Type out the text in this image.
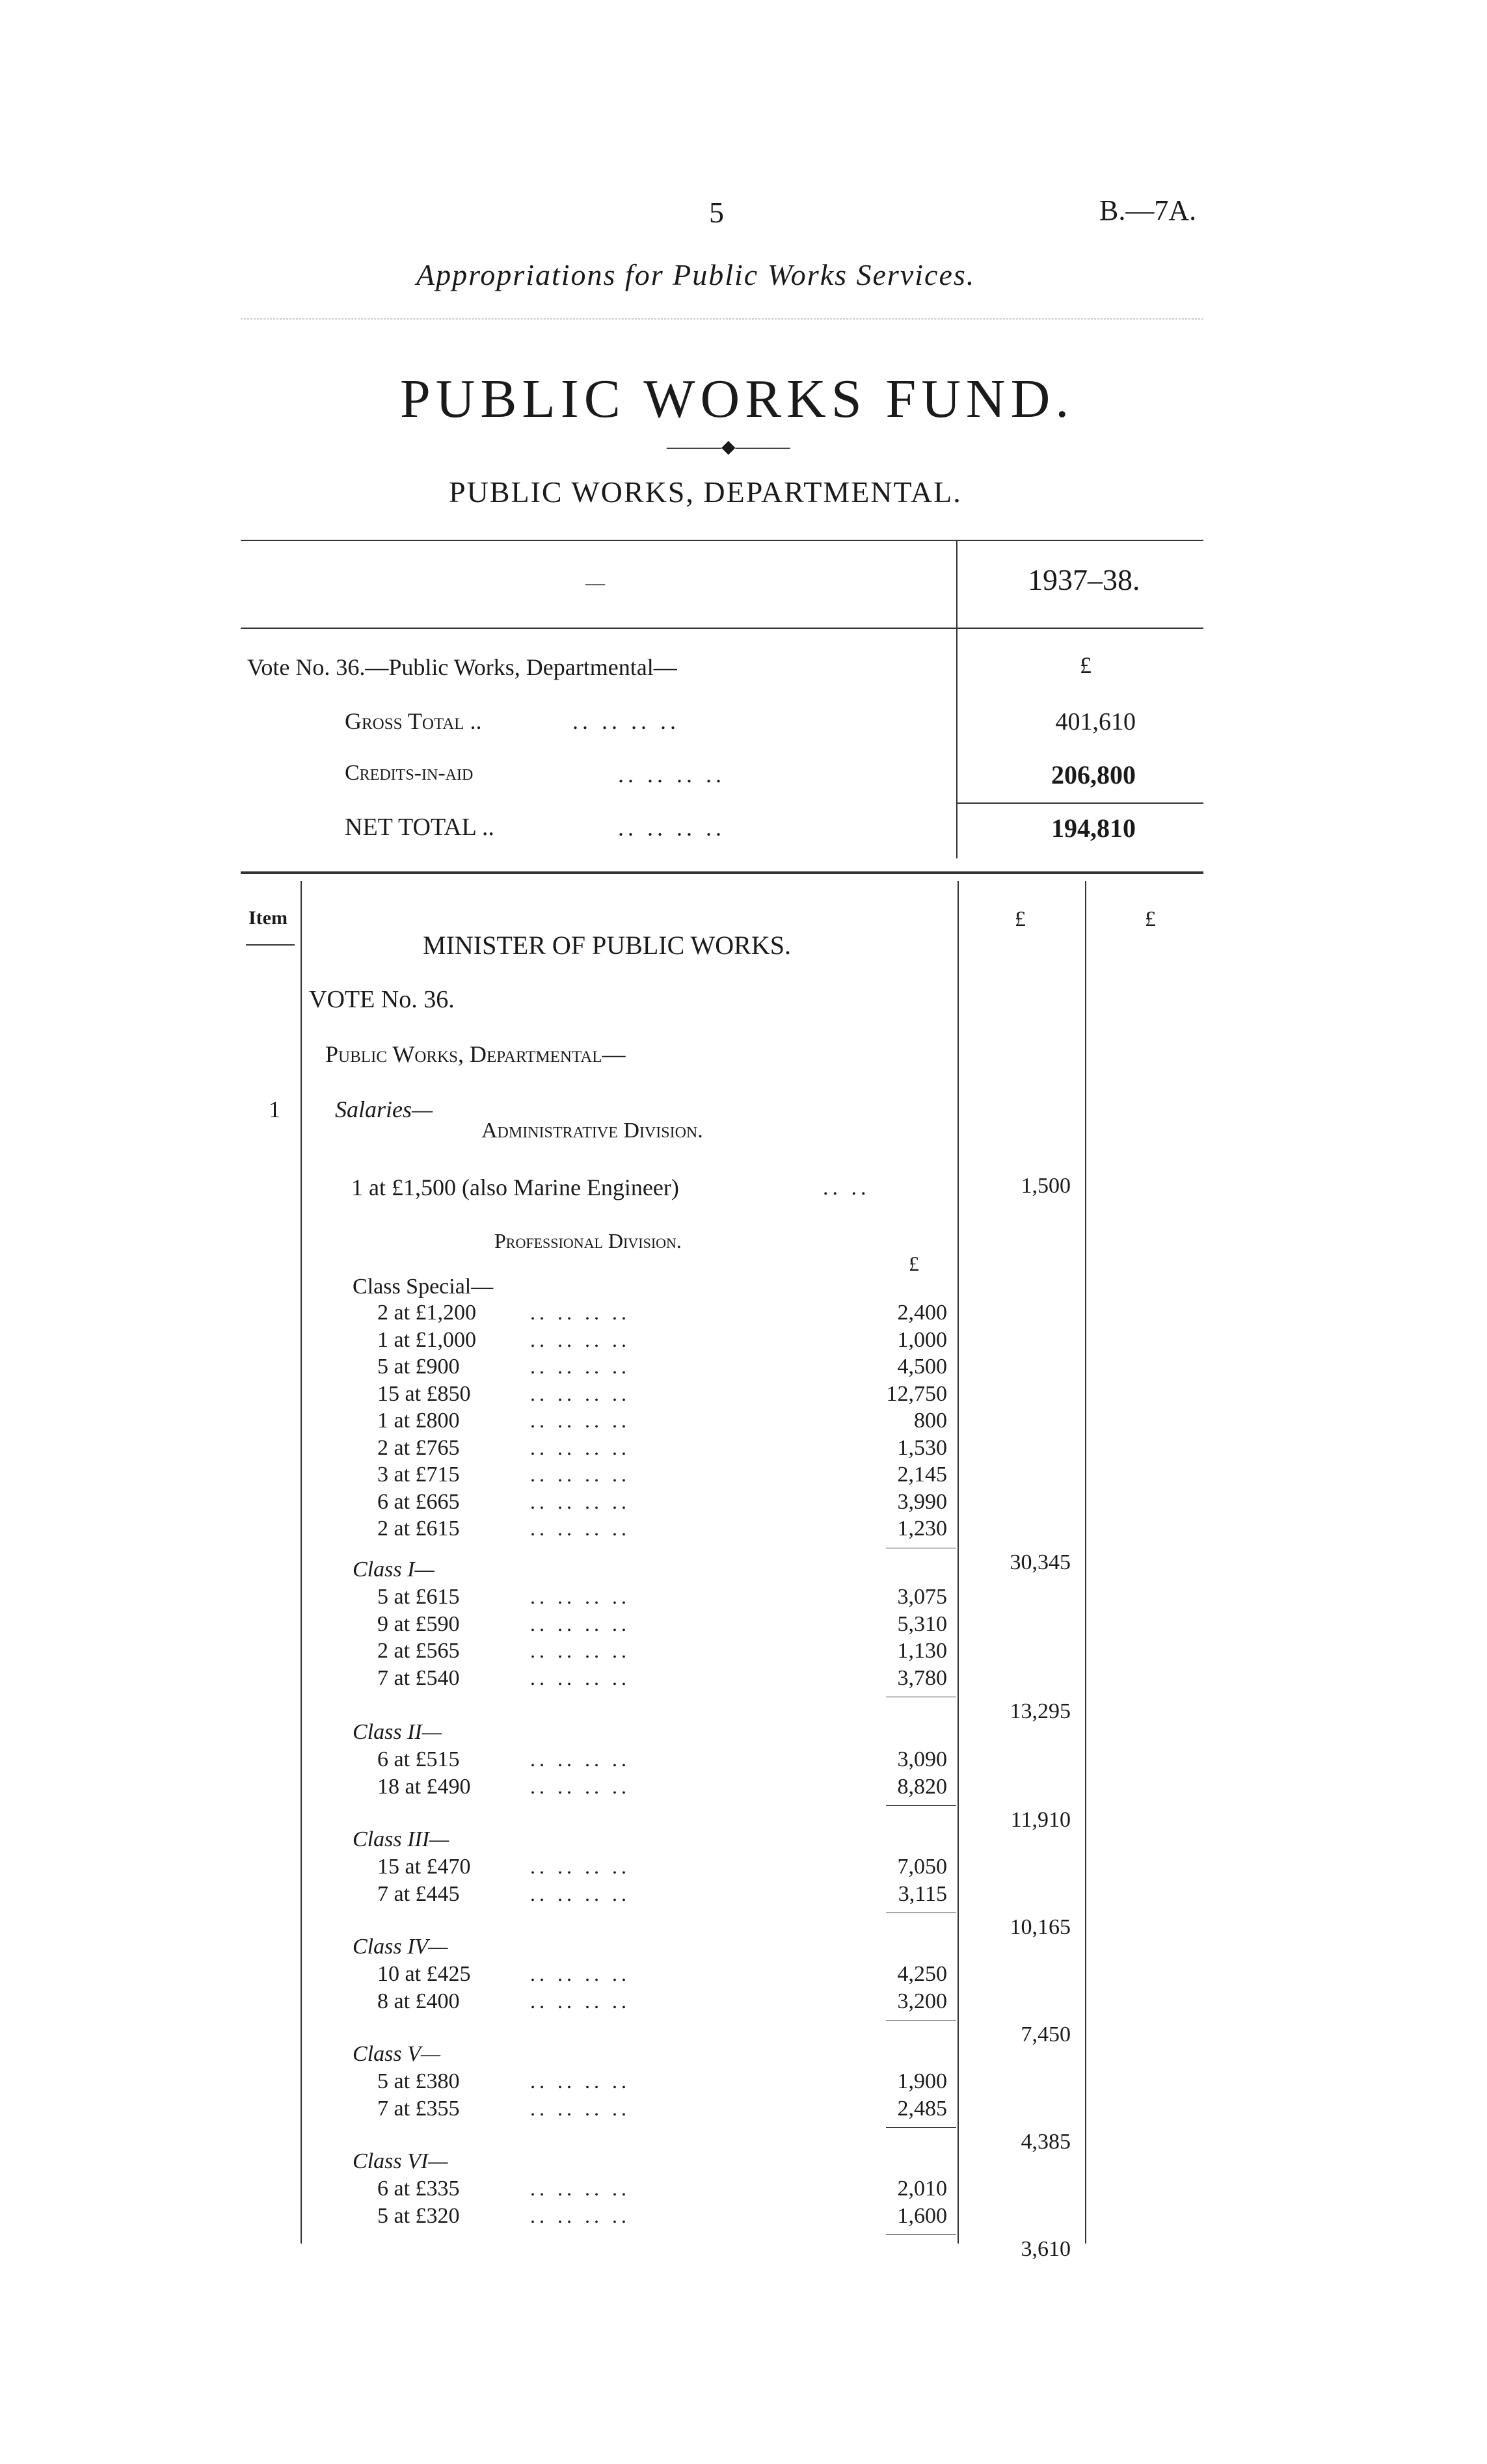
5	B.—7A.
Appropriations for Public Works Services.
PUBLIC WORKS FUND.
———◆———
PUBLIC WORKS, DEPARTMENTAL.
—	1937–38.
Vote No. 36.—Public Works, Departmental—	£
Gross Total ..	.. .. .. ..	401,610
Credits-in-aid	.. .. .. ..	206,800
NET TOTAL ..	.. .. .. ..	194,810
Item	£	£
MINISTER OF PUBLIC WORKS.
VOTE No. 36.
Public Works, Departmental—
1 Salaries—
Administrative Division.
1 at £1,500 (also Marine Engineer)	.. ..	1,500
Professional Division.
£
Class Special—
2 at £1,200	.. .. .. ..	2,400
1 at £1,000	.. .. .. ..	1,000
5 at £900	.. .. .. ..	4,500
15 at £850	.. .. .. ..	12,750
1 at £800	.. .. .. ..	800
2 at £765	.. .. .. ..	1,530
3 at £715	.. .. .. ..	2,145
6 at £665	.. .. .. ..	3,990
2 at £615	.. .. .. ..	1,230
30,345
Class I—
5 at £615	.. .. .. ..	3,075
9 at £590	.. .. .. ..	5,310
2 at £565	.. .. .. ..	1,130
7 at £540	.. .. .. ..	3,780
13,295
Class II—
6 at £515	.. .. .. ..	3,090
18 at £490	.. .. .. ..	8,820
11,910
Class III—
15 at £470	.. .. .. ..	7,050
7 at £445	.. .. .. ..	3,115
10,165
Class IV—
10 at £425	.. .. .. ..	4,250
8 at £400	.. .. .. ..	3,200
7,450
Class V—
5 at £380	.. .. .. ..	1,900
7 at £355	.. .. .. ..	2,485
4,385
Class VI—
6 at £335	.. .. .. ..	2,010
5 at £320	.. .. .. ..	1,600
3,610
